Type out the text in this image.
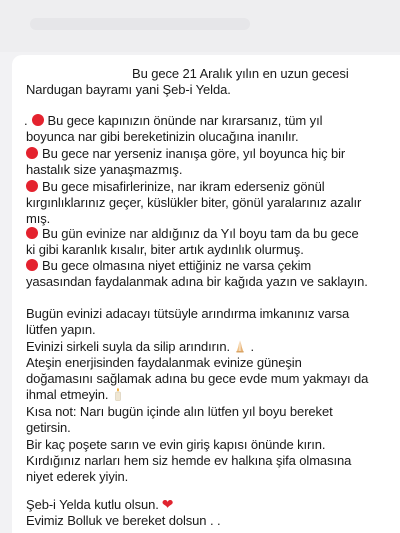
Bu gece 21 Aralık yılın en uzun gecesi
Nardugan bayramı yani Şeb-i Yelda.
. Bu gece kapınızın önünde nar kırarsanız, tüm yıl
boyunca nar gibi bereketinizin olucağına inanılır.
Bu gece nar yerseniz inanışa göre, yıl boyunca hiç bir
hastalık size yanaşmazmış.
Bu gece misafirlerinize, nar ikram ederseniz gönül
kırgınlıklarınız geçer, küslükler biter, gönül yaralarınız azalır
mış.
Bu gün evinize nar aldığınız da Yıl boyu tam da bu gece
ki gibi karanlık kısalır, biter artık aydınlık olurmuş.
Bu gece olmasına niyet ettiğiniz ne varsa çekim
yasasından faydalanmak adına bir kağıda yazın ve saklayın.
Bugün evinizi adacayı tütsüyle arındırma imkanınız varsa
lütfen yapın.
Evinizi sirkeli suyla da silip arındırın. .
Ateşin enerjisinden faydalanmak evinize güneşin
doğamasını sağlamak adına bu gece evde mum yakmayı da
ihmal etmeyin.
Kısa not: Narı bugün içinde alın lütfen yıl boyu bereket
getirsin.
Bir kaç poşete sarın ve evin giriş kapısı önünde kırın.
Kırdığınız narları hem siz hemde ev halkına şifa olmasına
niyet ederek yiyin.
Şeb-i Yelda kutlu olsun. ❤
Evimiz Bolluk ve bereket dolsun . .
